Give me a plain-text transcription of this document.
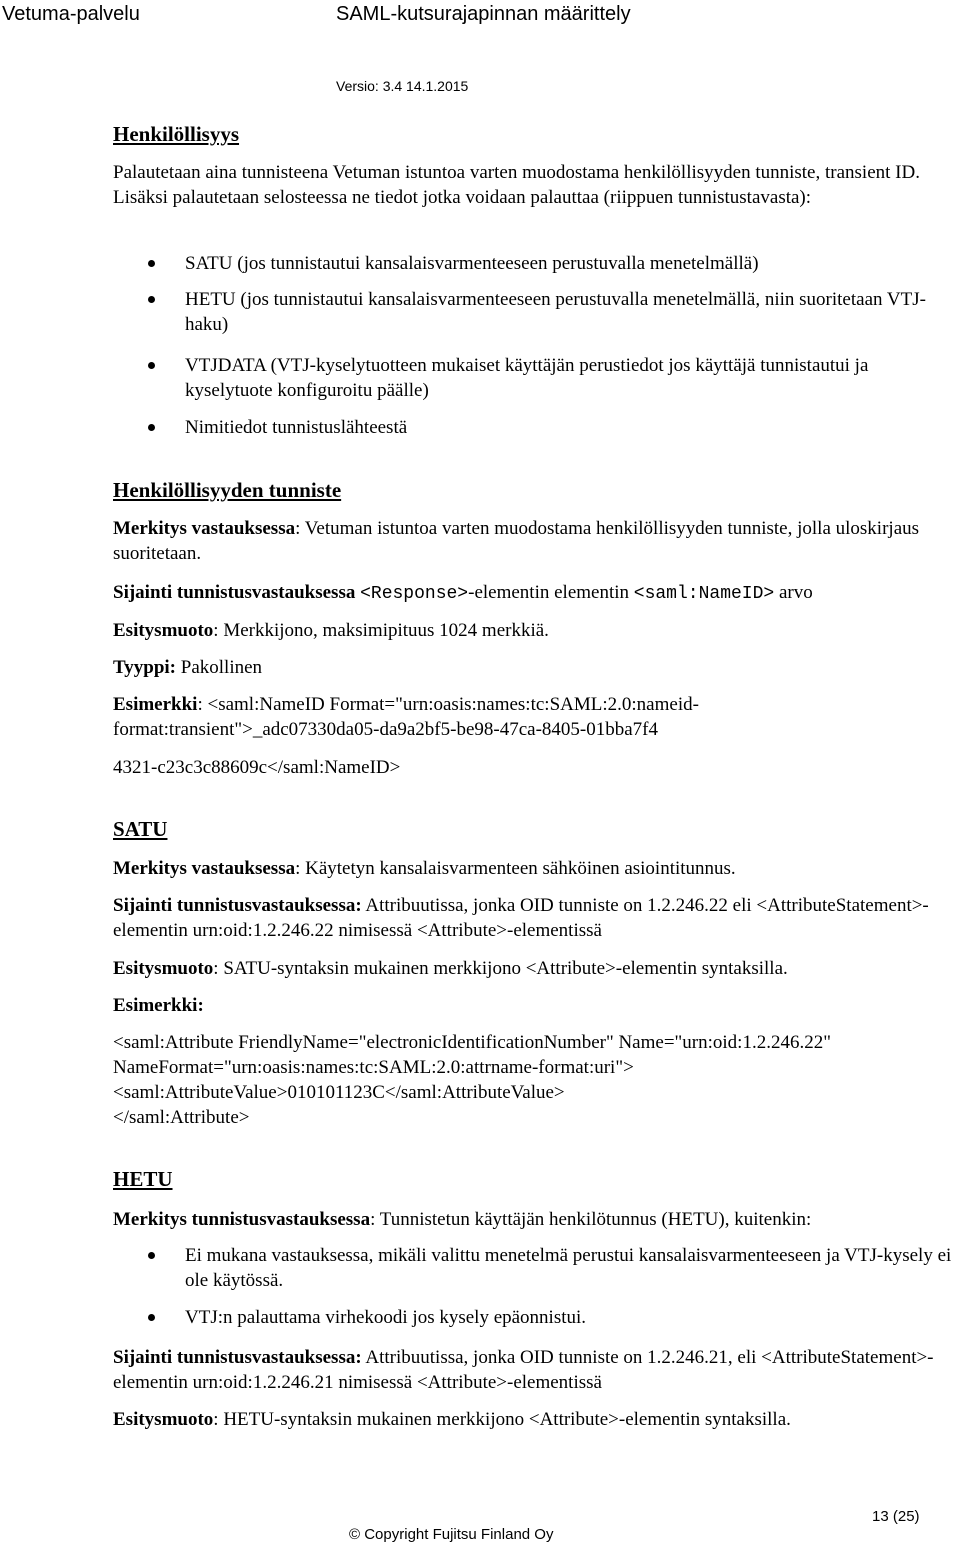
Vetuma-palvelu	SAML-kutsurajapinnan määrittely
Versio: 3.4 14.1.2015
Henkilöllisyys
Palautetaan aina tunnisteena Vetuman istuntoa varten muodostama henkilöllisyyden tunniste, transient ID. Lisäksi palautetaan selosteessa ne tiedot jotka voidaan palauttaa (riippuen tunnistustavasta):
SATU (jos tunnistautui kansalaisvarmenteeseen perustuvalla menetelmällä)
HETU (jos tunnistautui kansalaisvarmenteeseen perustuvalla menetelmällä, niin suoritetaan VTJ-haku)
VTJDATA (VTJ-kyselytuotteen mukaiset käyttäjän perustiedot jos käyttäjä tunnistautui ja kyselytuote konfiguroitu päälle)
Nimitiedot tunnistuslähteestä
Henkilöllisyyden tunniste
Merkitys vastauksessa: Vetuman istuntoa varten muodostama henkilöllisyyden tunniste, jolla uloskirjaus suoritetaan.
Sijainti tunnistusvastauksessa <Response>-elementin elementin <saml:NameID> arvo
Esitysmuoto: Merkkijono, maksimipituus 1024 merkkiä.
Tyyppi: Pakollinen
Esimerkki: <saml:NameID Format="urn:oasis:names:tc:SAML:2.0:nameid-
format:transient">_adc07330da05-da9a2bf5-be98-47ca-8405-01bba7f4
4321-c23c3c88609c</saml:NameID>
SATU
Merkitys vastauksessa: Käytetyn kansalaisvarmenteen sähköinen asiointitunnus.
Sijainti tunnistusvastauksessa: Attribuutissa, jonka OID tunniste on 1.2.246.22 eli <AttributeStatement>-elementin urn:oid:1.2.246.22 nimisessä <Attribute>-elementissä
Esitysmuoto: SATU-syntaksin mukainen merkkijono <Attribute>-elementin syntaksilla.
Esimerkki:
<saml:Attribute FriendlyName="electronicIdentificationNumber" Name="urn:oid:1.2.246.22"
NameFormat="urn:oasis:names:tc:SAML:2.0:attrname-format:uri">
<saml:AttributeValue>010101123C</saml:AttributeValue>
</saml:Attribute>
HETU
Merkitys tunnistusvastauksessa: Tunnistetun käyttäjän henkilötunnus (HETU), kuitenkin:
Ei mukana vastauksessa, mikäli valittu menetelmä perustui kansalaisvarmenteeseen ja VTJ-kysely ei ole käytössä.
VTJ:n palauttama virhekoodi jos kysely epäonnistui.
Sijainti tunnistusvastauksessa: Attribuutissa, jonka OID tunniste on 1.2.246.21, eli <AttributeStatement>-elementin urn:oid:1.2.246.21 nimisessä <Attribute>-elementissä
Esitysmuoto: HETU-syntaksin mukainen merkkijono <Attribute>-elementin syntaksilla.
13 (25)
© Copyright Fujitsu Finland Oy
